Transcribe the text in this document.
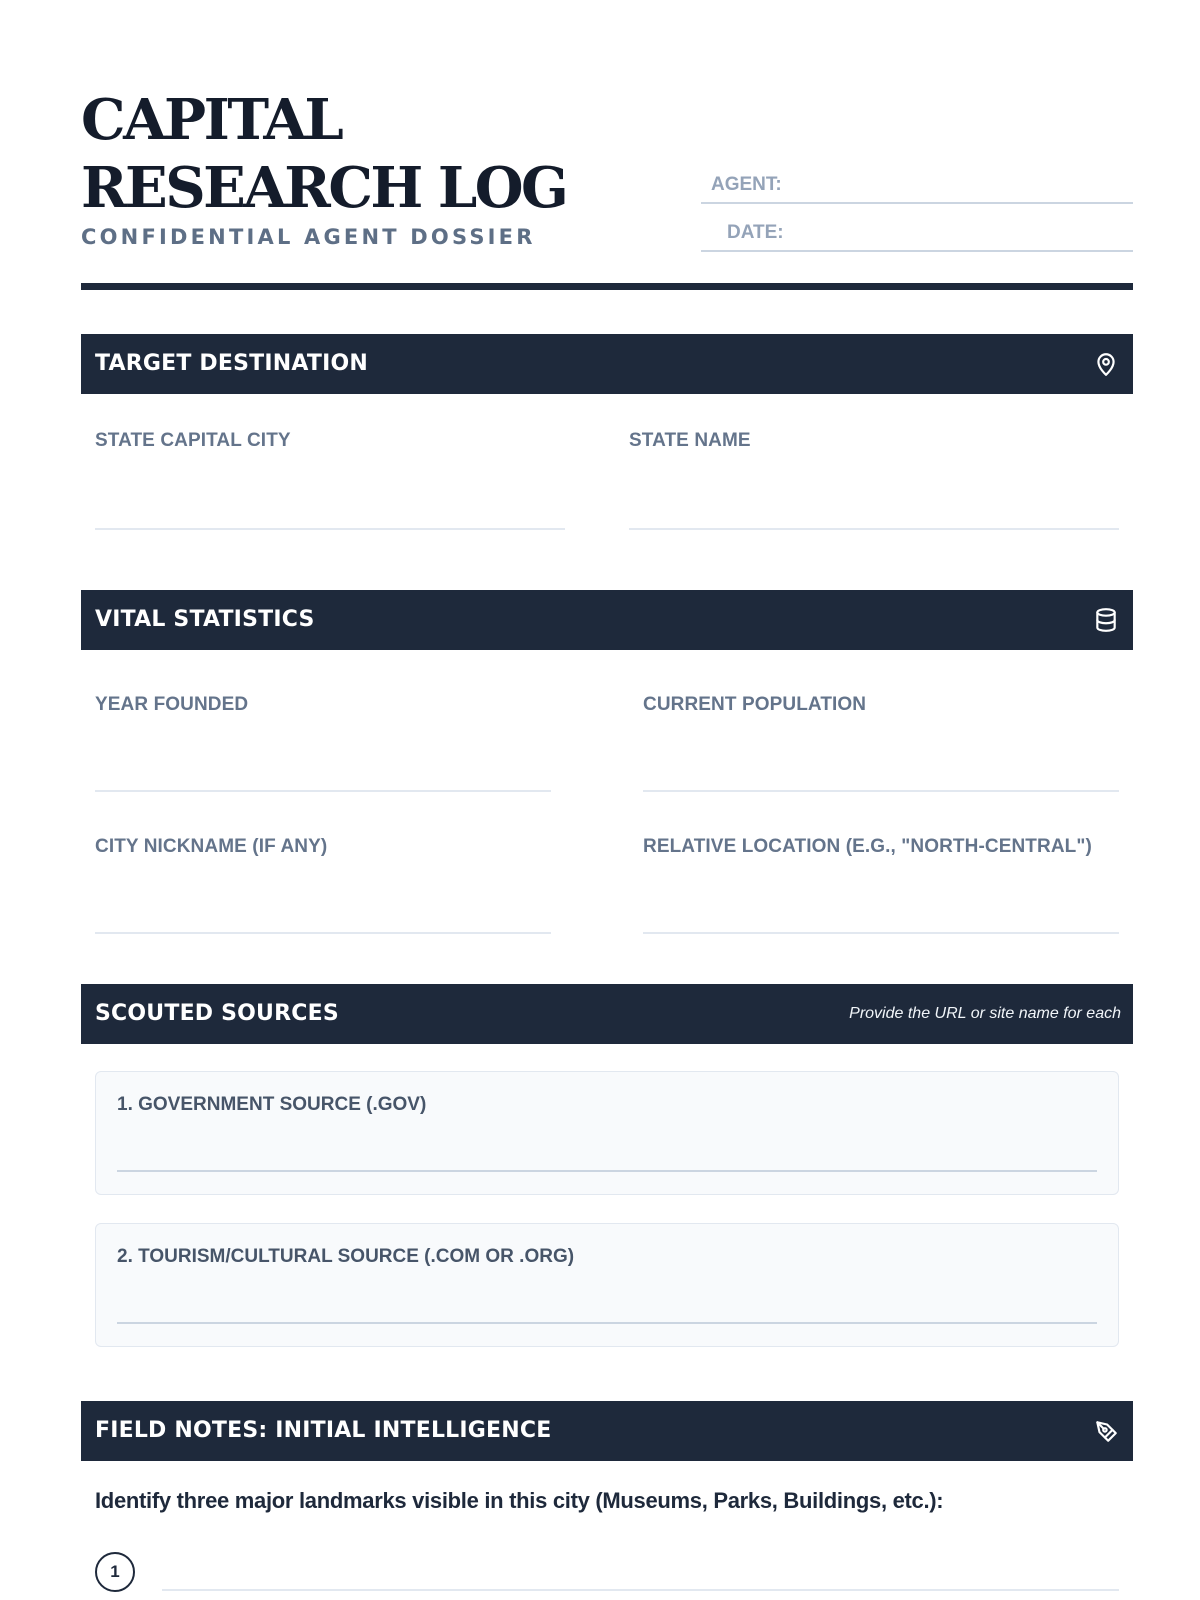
CAPITAL RESEARCH LOG
CONFIDENTIAL AGENT DOSSIER
AGENT:
DATE:
TARGET DESTINATION
STATE CAPITAL CITY	STATE NAME
VITAL STATISTICS
YEAR FOUNDED	CURRENT POPULATION
CITY NICKNAME (IF ANY)	RELATIVE LOCATION (E.G., "NORTH-CENTRAL")
SCOUTED SOURCES	Provide the URL or site name for each
1. GOVERNMENT SOURCE (.GOV)
2. TOURISM/CULTURAL SOURCE (.COM OR .ORG)
FIELD NOTES: INITIAL INTELLIGENCE
Identify three major landmarks visible in this city (Museums, Parks, Buildings, etc.):
1
